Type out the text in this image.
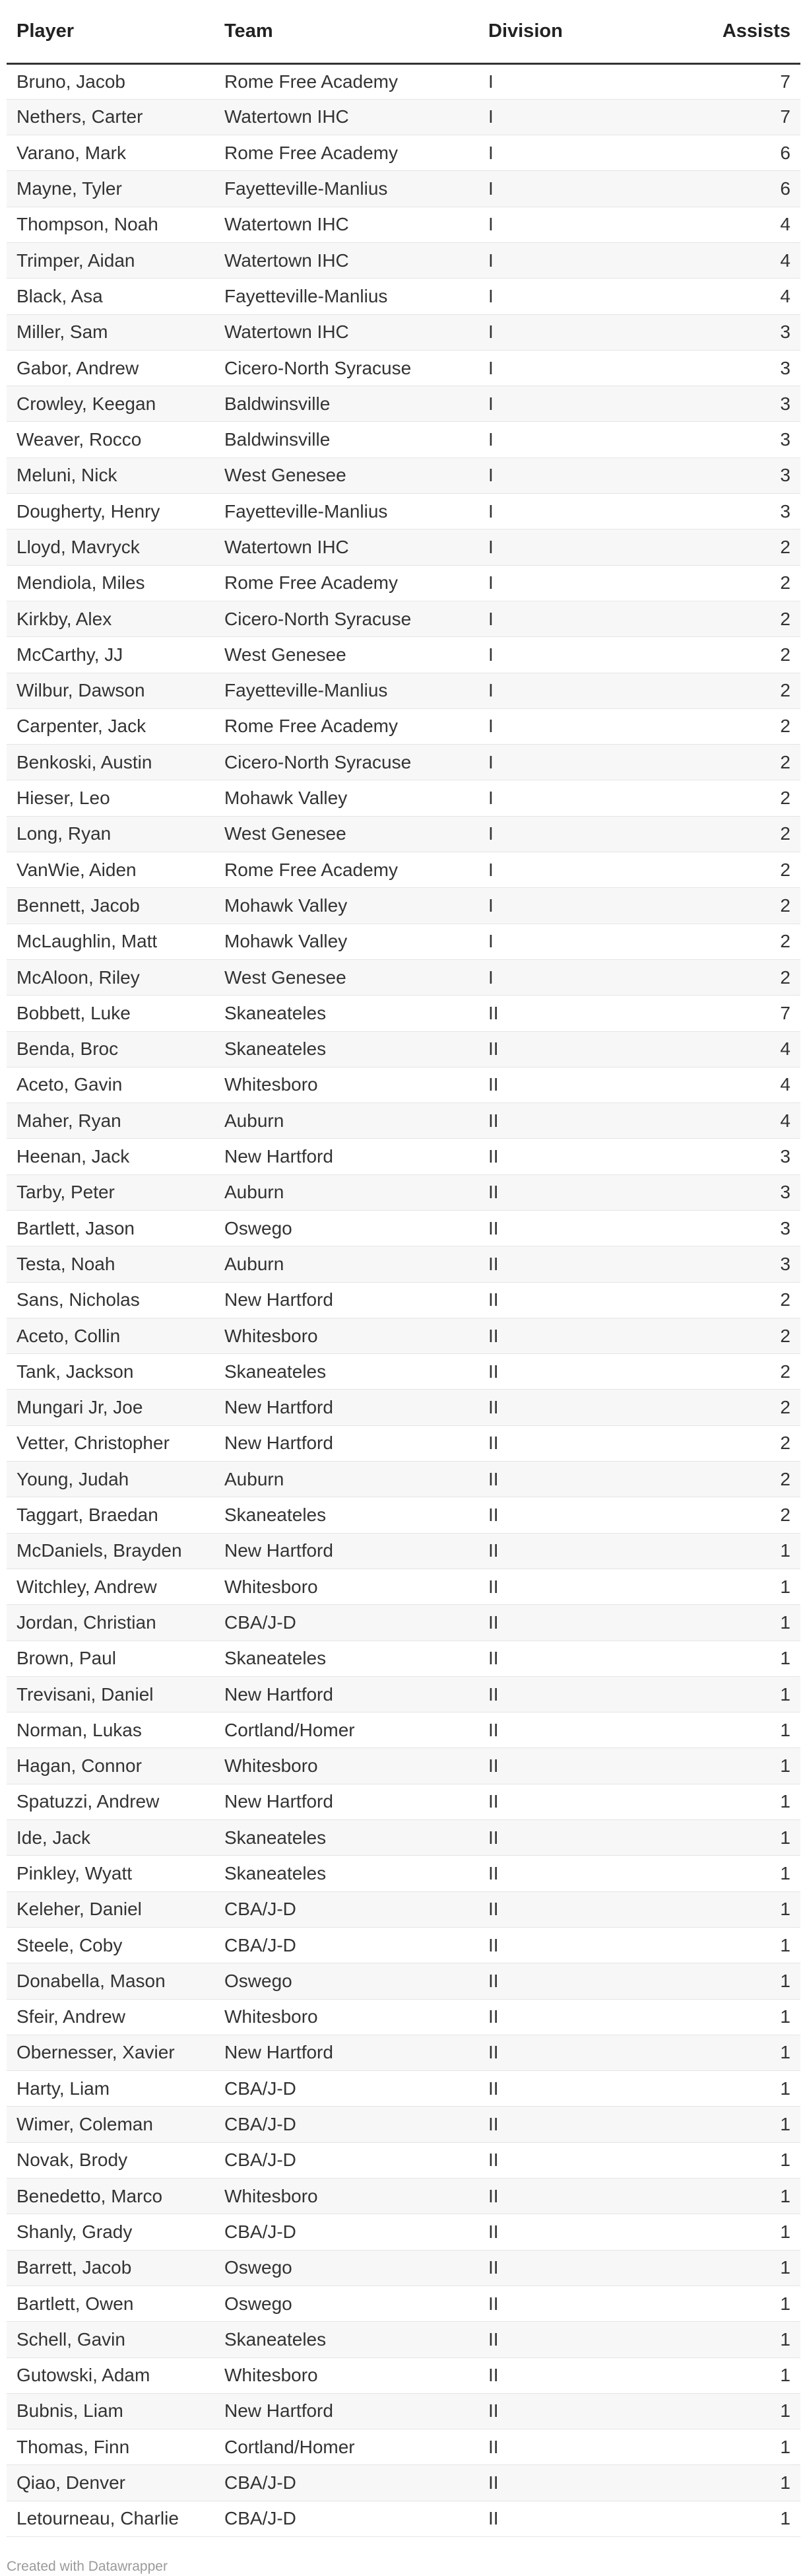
Player	Team	Division	Assists
Bruno, Jacob	Rome Free Academy	I	7
Nethers, Carter	Watertown IHC	I	7
Varano, Mark	Rome Free Academy	I	6
Mayne, Tyler	Fayetteville-Manlius	I	6
Thompson, Noah	Watertown IHC	I	4
Trimper, Aidan	Watertown IHC	I	4
Black, Asa	Fayetteville-Manlius	I	4
Miller, Sam	Watertown IHC	I	3
Gabor, Andrew	Cicero-North Syracuse	I	3
Crowley, Keegan	Baldwinsville	I	3
Weaver, Rocco	Baldwinsville	I	3
Meluni, Nick	West Genesee	I	3
Dougherty, Henry	Fayetteville-Manlius	I	3
Lloyd, Mavryck	Watertown IHC	I	2
Mendiola, Miles	Rome Free Academy	I	2
Kirkby, Alex	Cicero-North Syracuse	I	2
McCarthy, JJ	West Genesee	I	2
Wilbur, Dawson	Fayetteville-Manlius	I	2
Carpenter, Jack	Rome Free Academy	I	2
Benkoski, Austin	Cicero-North Syracuse	I	2
Hieser, Leo	Mohawk Valley	I	2
Long, Ryan	West Genesee	I	2
VanWie, Aiden	Rome Free Academy	I	2
Bennett, Jacob	Mohawk Valley	I	2
McLaughlin, Matt	Mohawk Valley	I	2
McAloon, Riley	West Genesee	I	2
Bobbett, Luke	Skaneateles	II	7
Benda, Broc	Skaneateles	II	4
Aceto, Gavin	Whitesboro	II	4
Maher, Ryan	Auburn	II	4
Heenan, Jack	New Hartford	II	3
Tarby, Peter	Auburn	II	3
Bartlett, Jason	Oswego	II	3
Testa, Noah	Auburn	II	3
Sans, Nicholas	New Hartford	II	2
Aceto, Collin	Whitesboro	II	2
Tank, Jackson	Skaneateles	II	2
Mungari Jr, Joe	New Hartford	II	2
Vetter, Christopher	New Hartford	II	2
Young, Judah	Auburn	II	2
Taggart, Braedan	Skaneateles	II	2
McDaniels, Brayden	New Hartford	II	1
Witchley, Andrew	Whitesboro	II	1
Jordan, Christian	CBA/J-D	II	1
Brown, Paul	Skaneateles	II	1
Trevisani, Daniel	New Hartford	II	1
Norman, Lukas	Cortland/Homer	II	1
Hagan, Connor	Whitesboro	II	1
Spatuzzi, Andrew	New Hartford	II	1
Ide, Jack	Skaneateles	II	1
Pinkley, Wyatt	Skaneateles	II	1
Keleher, Daniel	CBA/J-D	II	1
Steele, Coby	CBA/J-D	II	1
Donabella, Mason	Oswego	II	1
Sfeir, Andrew	Whitesboro	II	1
Obernesser, Xavier	New Hartford	II	1
Harty, Liam	CBA/J-D	II	1
Wimer, Coleman	CBA/J-D	II	1
Novak, Brody	CBA/J-D	II	1
Benedetto, Marco	Whitesboro	II	1
Shanly, Grady	CBA/J-D	II	1
Barrett, Jacob	Oswego	II	1
Bartlett, Owen	Oswego	II	1
Schell, Gavin	Skaneateles	II	1
Gutowski, Adam	Whitesboro	II	1
Bubnis, Liam	New Hartford	II	1
Thomas, Finn	Cortland/Homer	II	1
Qiao, Denver	CBA/J-D	II	1
Letourneau, Charlie	CBA/J-D	II	1
Created with Datawrapper
